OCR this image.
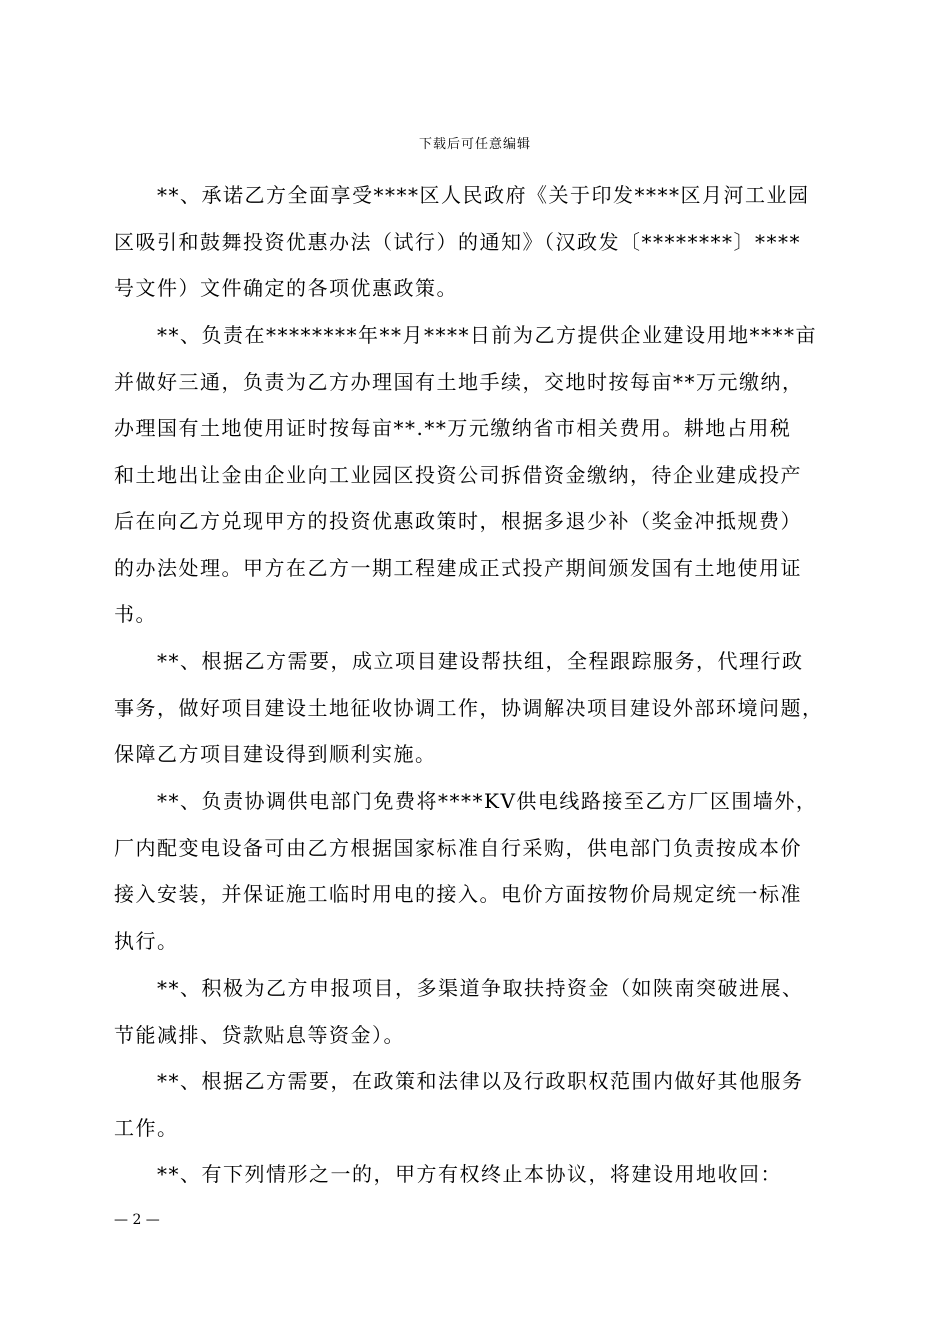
下载后可任意编辑
　　**、承诺乙方全面享受****区人民政府《关于印发****区月河工业园
区吸引和鼓舞投资优惠办法（试行）的通知》（汉政发〔********〕****
号文件）文件确定的各项优惠政策。
　　**、负责在********年**月****日前为乙方提供企业建设用地****亩
并做好三通，负责为乙方办理国有土地手续，交地时按每亩**万元缴纳，
办理国有土地使用证时按每亩**.**万元缴纳省市相关费用。耕地占用税
和土地出让金由企业向工业园区投资公司拆借资金缴纳，待企业建成投产
后在向乙方兑现甲方的投资优惠政策时，根据多退少补（奖金冲抵规费）
的办法处理。甲方在乙方一期工程建成正式投产期间颁发国有土地使用证
书。
　　**、根据乙方需要，成立项目建设帮扶组，全程跟踪服务，代理行政
事务，做好项目建设土地征收协调工作，协调解决项目建设外部环境问题，
保障乙方项目建设得到顺利实施。
　　**、负责协调供电部门免费将****KV供电线路接至乙方厂区围墙外，
厂内配变电设备可由乙方根据国家标准自行采购，供电部门负责按成本价
接入安装，并保证施工临时用电的接入。电价方面按物价局规定统一标准
执行。
　　**、积极为乙方申报项目，多渠道争取扶持资金（如陕南突破进展、
节能减排、贷款贴息等资金）。
　　**、根据乙方需要，在政策和法律以及行政职权范围内做好其他服务
工作。
　　**、有下列情形之一的，甲方有权终止本协议，将建设用地收回：
— 2 —
